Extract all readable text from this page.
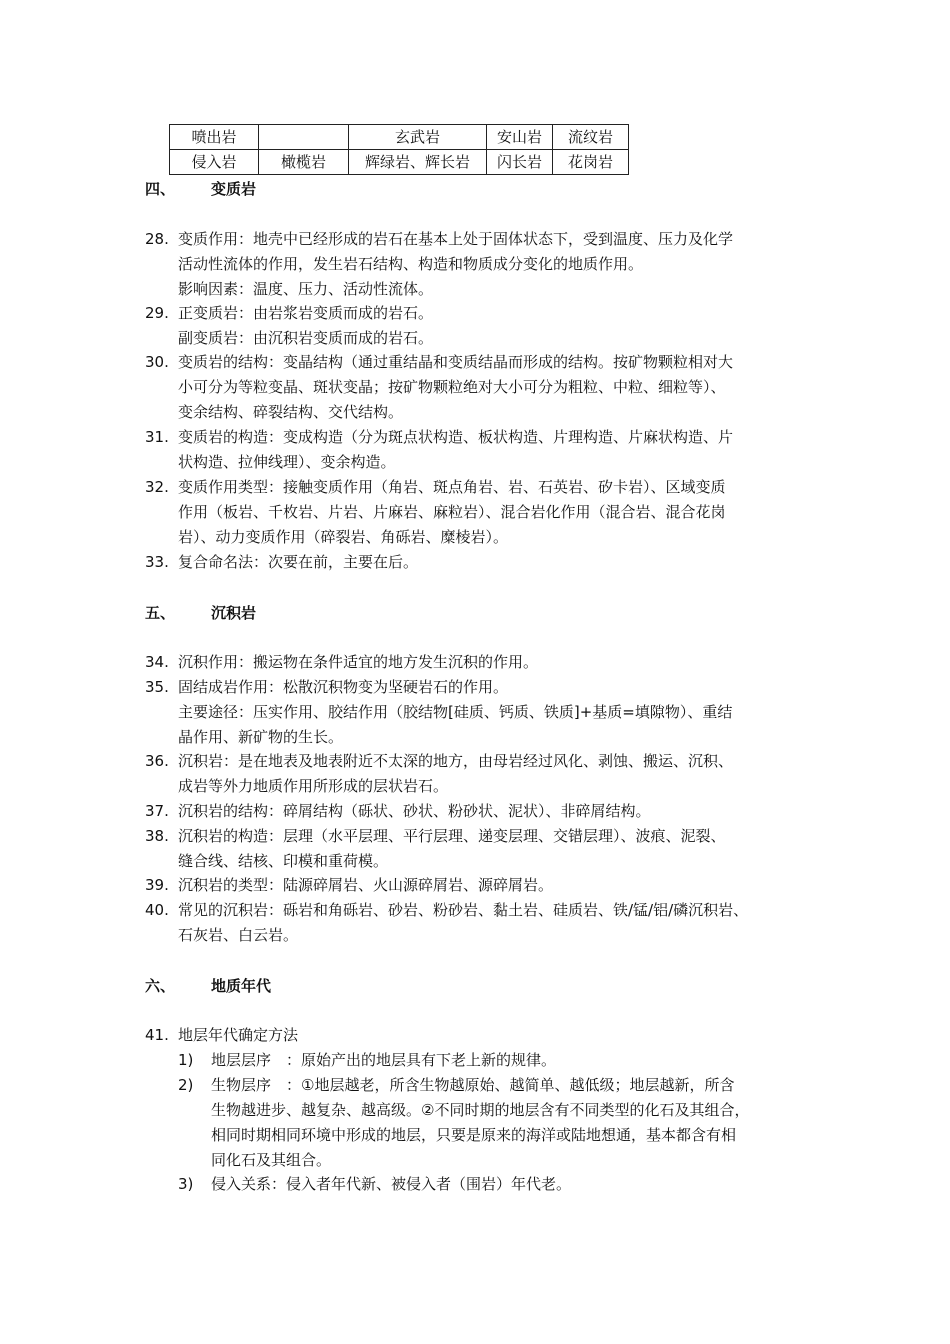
喷出岩		玄武岩	安山岩	流纹岩
侵入岩	橄榄岩	辉绿岩、辉长岩	闪长岩	花岗岩
四、 变质岩
28. 变质作用：地壳中已经形成的岩石在基本上处于固体状态下，受到温度、压力及化学
活动性流体的作用，发生岩石结构、构造和物质成分变化的地质作用。
影响因素：温度、压力、活动性流体。
29. 正变质岩：由岩浆岩变质而成的岩石。
副变质岩：由沉积岩变质而成的岩石。
30. 变质岩的结构：变晶结构（通过重结晶和变质结晶而形成的结构。按矿物颗粒相对大
小可分为等粒变晶、斑状变晶；按矿物颗粒绝对大小可分为粗粒、中粒、细粒等）、
变余结构、碎裂结构、交代结构。
31. 变质岩的构造：变成构造（分为斑点状构造、板状构造、片理构造、片麻状构造、片
状构造、拉伸线理）、变余构造。
32. 变质作用类型：接触变质作用（角岩、斑点角岩、岩、石英岩、矽卡岩）、区域变质
作用（板岩、千枚岩、片岩、片麻岩、麻粒岩）、混合岩化作用（混合岩、混合花岗
岩）、动力变质作用（碎裂岩、角砾岩、糜棱岩）。
33. 复合命名法：次要在前，主要在后。
五、 沉积岩
34. 沉积作用：搬运物在条件适宜的地方发生沉积的作用。
35. 固结成岩作用：松散沉积物变为坚硬岩石的作用。
主要途径：压实作用、胶结作用（胶结物[硅质、钙质、铁质]+基质=填隙物）、重结
晶作用、新矿物的生长。
36. 沉积岩：是在地表及地表附近不太深的地方，由母岩经过风化、剥蚀、搬运、沉积、
成岩等外力地质作用所形成的层状岩石。
37. 沉积岩的结构：碎屑结构（砾状、砂状、粉砂状、泥状）、非碎屑结构。
38. 沉积岩的构造：层理（水平层理、平行层理、递变层理、交错层理）、波痕、泥裂、
缝合线、结核、印模和重荷模。
39. 沉积岩的类型：陆源碎屑岩、火山源碎屑岩、源碎屑岩。
40. 常见的沉积岩：砾岩和角砾岩、砂岩、粉砂岩、黏土岩、硅质岩、铁/锰/铝/磷沉积岩、
石灰岩、白云岩。
六、 地质年代
41. 地层年代确定方法
1) 地层层序　：原始产出的地层具有下老上新的规律。
2) 生物层序　：①地层越老，所含生物越原始、越简单、越低级；地层越新，所含
生物越进步、越复杂、越高级。②不同时期的地层含有不同类型的化石及其组合，
相同时期相同环境中形成的地层，只要是原来的海洋或陆地想通，基本都含有相
同化石及其组合。
3) 侵入关系：侵入者年代新、被侵入者（围岩）年代老。
